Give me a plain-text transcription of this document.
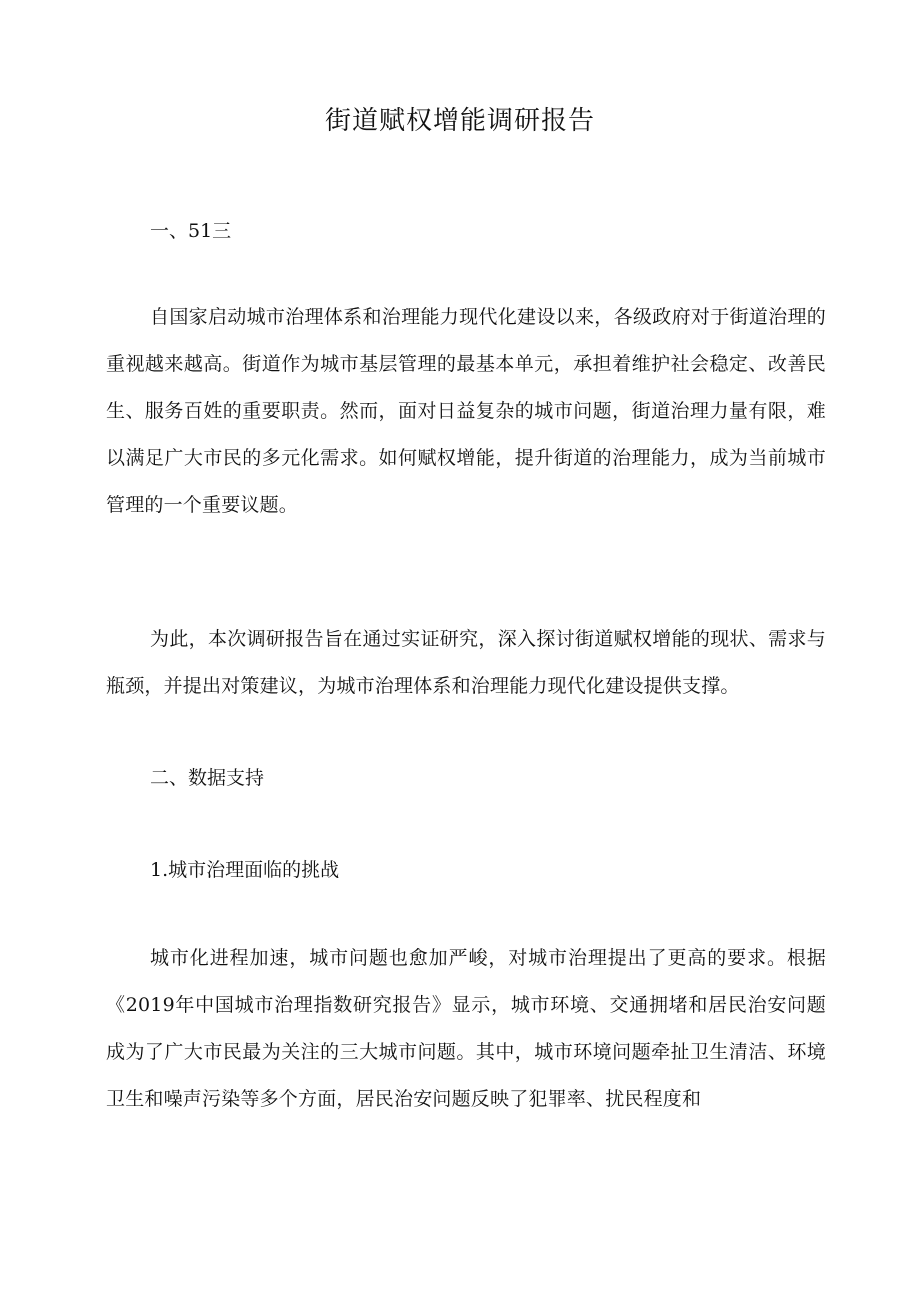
街道赋权增能调研报告

一、51三

自国家启动城市治理体系和治理能力现代化建设以来，各级政府对于街道治理的重视越来越高。街道作为城市基层管理的最基本单元，承担着维护社会稳定、改善民生、服务百姓的重要职责。然而，面对日益复杂的城市问题，街道治理力量有限，难以满足广大市民的多元化需求。如何赋权增能，提升街道的治理能力，成为当前城市管理的一个重要议题。

为此，本次调研报告旨在通过实证研究，深入探讨街道赋权增能的现状、需求与瓶颈，并提出对策建议，为城市治理体系和治理能力现代化建设提供支撑。

二、数据支持

1.城市治理面临的挑战

城市化进程加速，城市问题也愈加严峻，对城市治理提出了更高的要求。根据《2019年中国城市治理指数研究报告》显示，城市环境、交通拥堵和居民治安问题成为了广大市民最为关注的三大城市问题。其中，城市环境问题牵扯卫生清洁、环境卫生和噪声污染等多个方面，居民治安问题反映了犯罪率、扰民程度和
